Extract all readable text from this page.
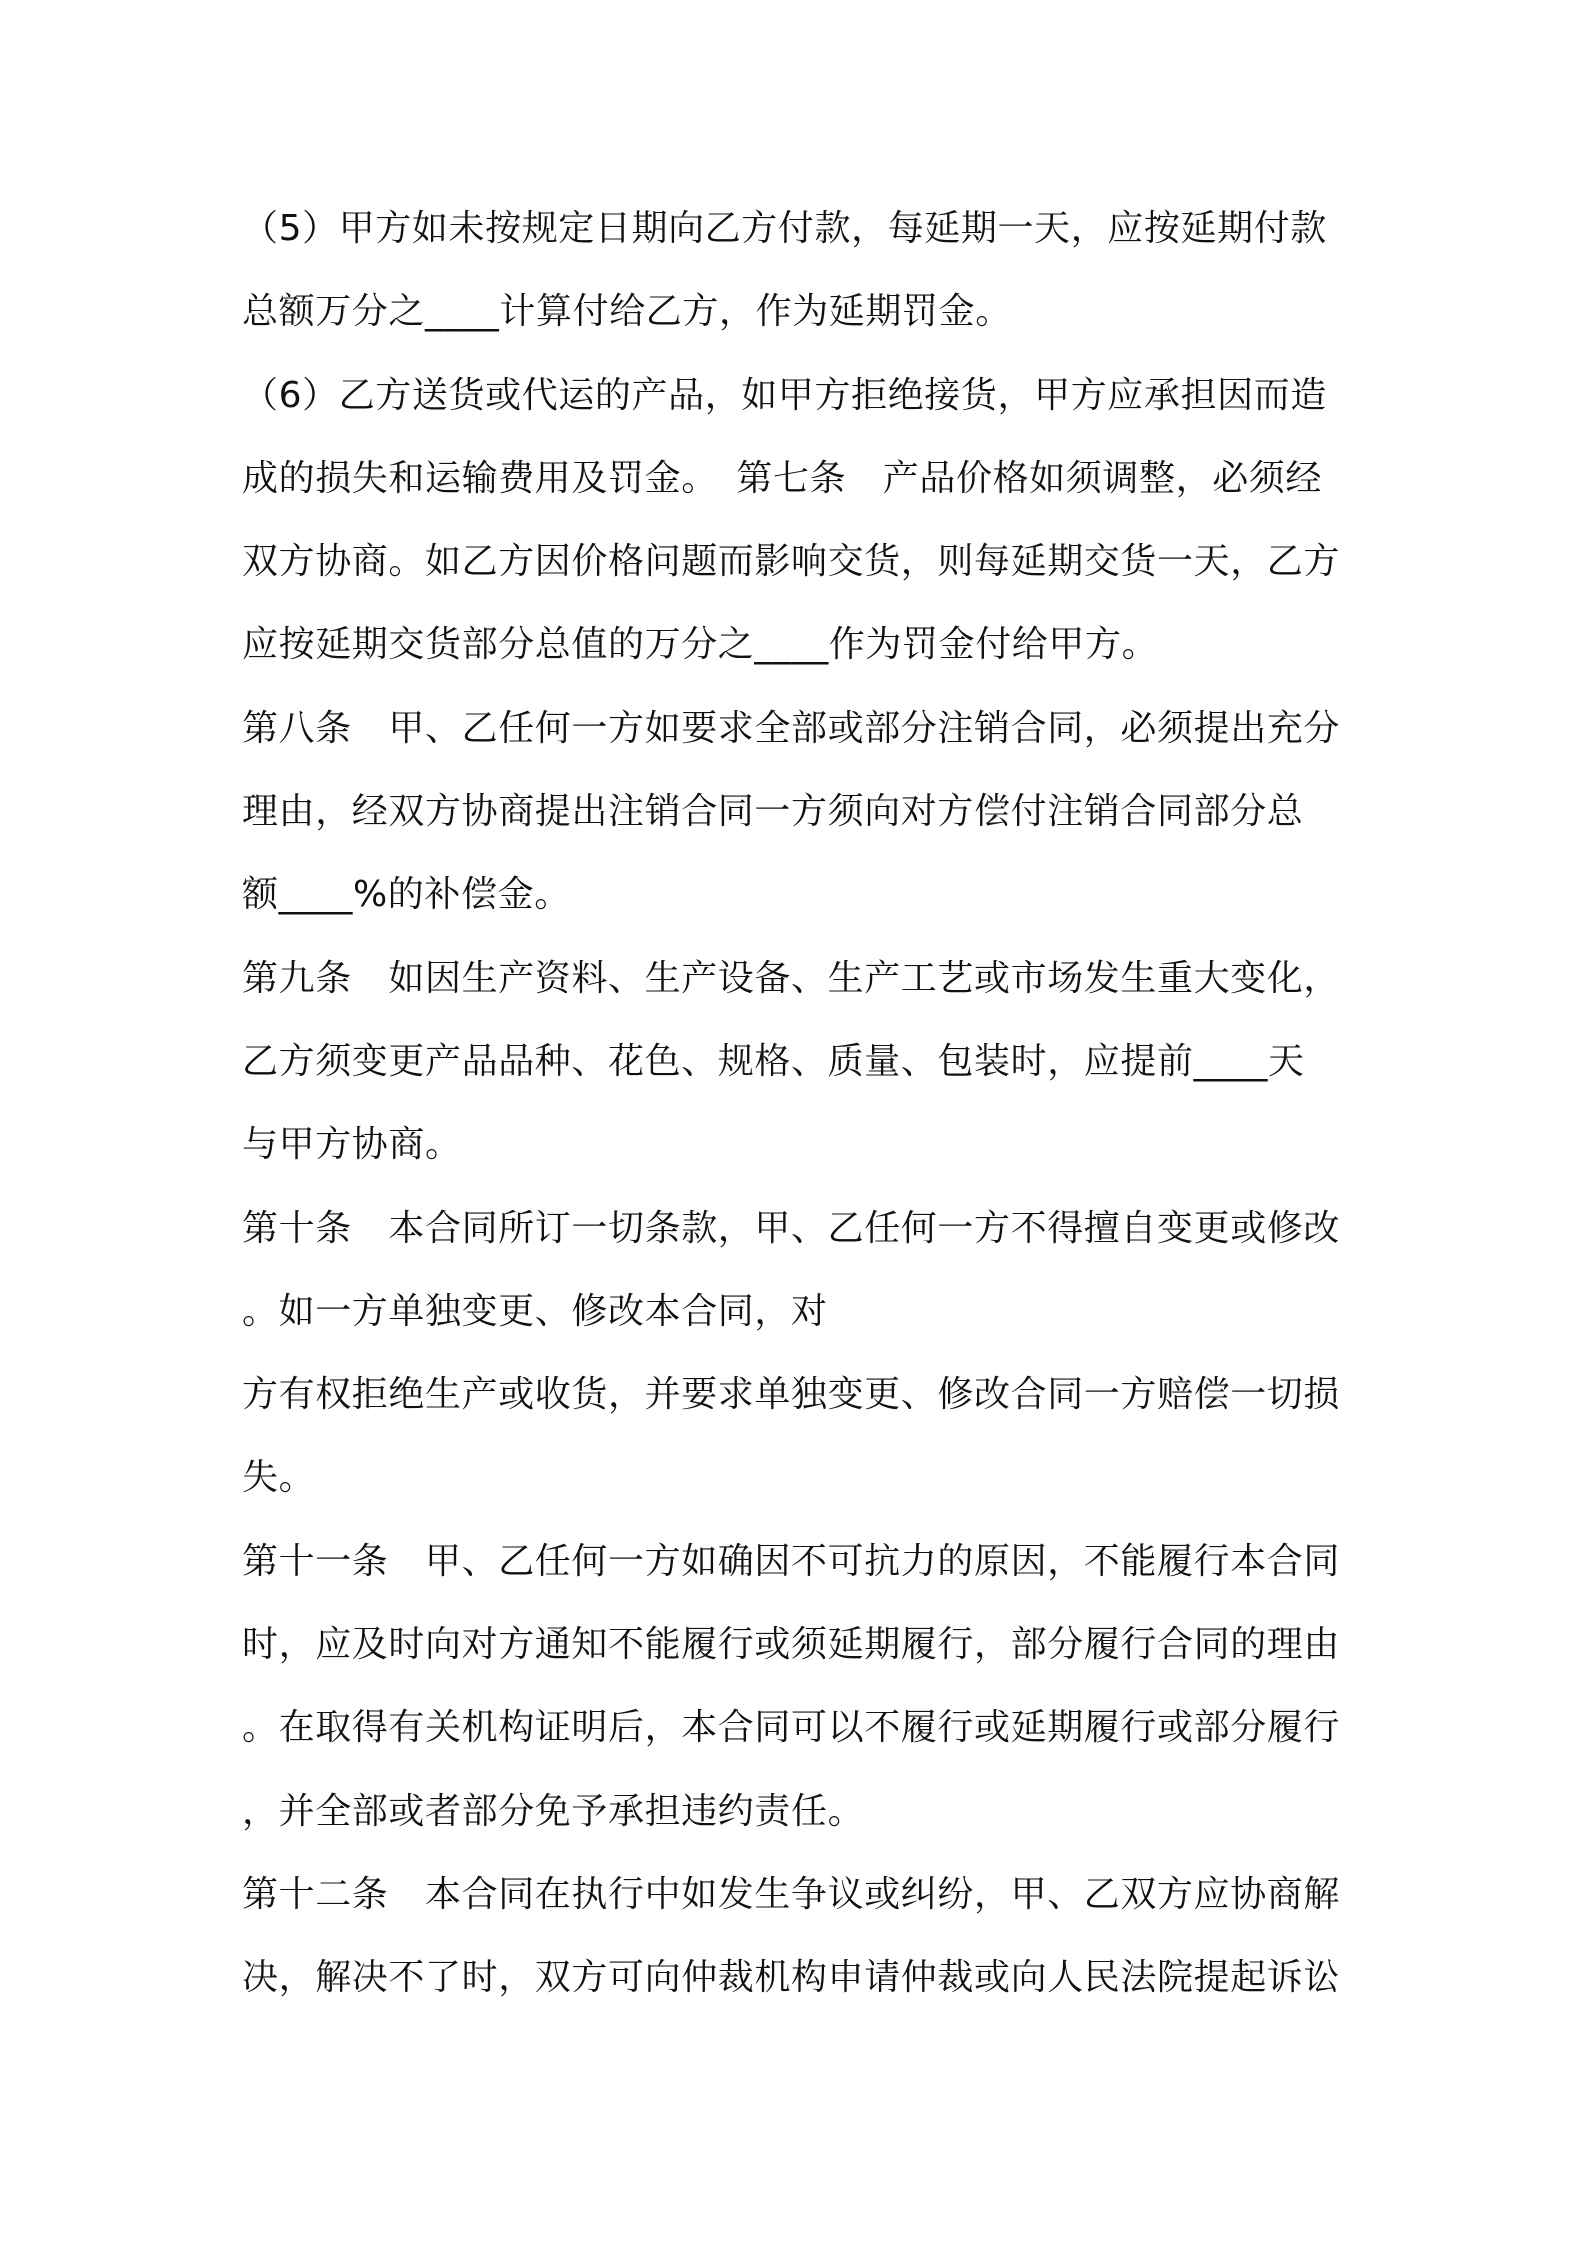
（5）甲方如未按规定日期向乙方付款，每延期一天，应按延期付款
总额万分之____计算付给乙方，作为延期罚金。
（6）乙方送货或代运的产品，如甲方拒绝接货，甲方应承担因而造
成的损失和运输费用及罚金。　第七条　产品价格如须调整，必须经
双方协商。如乙方因价格问题而影响交货，则每延期交货一天，乙方
应按延期交货部分总值的万分之____作为罚金付给甲方。
第八条　甲、乙任何一方如要求全部或部分注销合同，必须提出充分
理由，经双方协商提出注销合同一方须向对方偿付注销合同部分总
额____%的补偿金。
第九条　如因生产资料、生产设备、生产工艺或市场发生重大变化，
乙方须变更产品品种、花色、规格、质量、包装时，应提前____天
与甲方协商。
第十条　本合同所订一切条款，甲、乙任何一方不得擅自变更或修改
。如一方单独变更、修改本合同，对
方有权拒绝生产或收货，并要求单独变更、修改合同一方赔偿一切损
失。
第十一条　甲、乙任何一方如确因不可抗力的原因，不能履行本合同
时，应及时向对方通知不能履行或须延期履行，部分履行合同的理由
。在取得有关机构证明后，本合同可以不履行或延期履行或部分履行
，并全部或者部分免予承担违约责任。
第十二条　本合同在执行中如发生争议或纠纷，甲、乙双方应协商解
决，解决不了时，双方可向仲裁机构申请仲裁或向人民法院提起诉讼
